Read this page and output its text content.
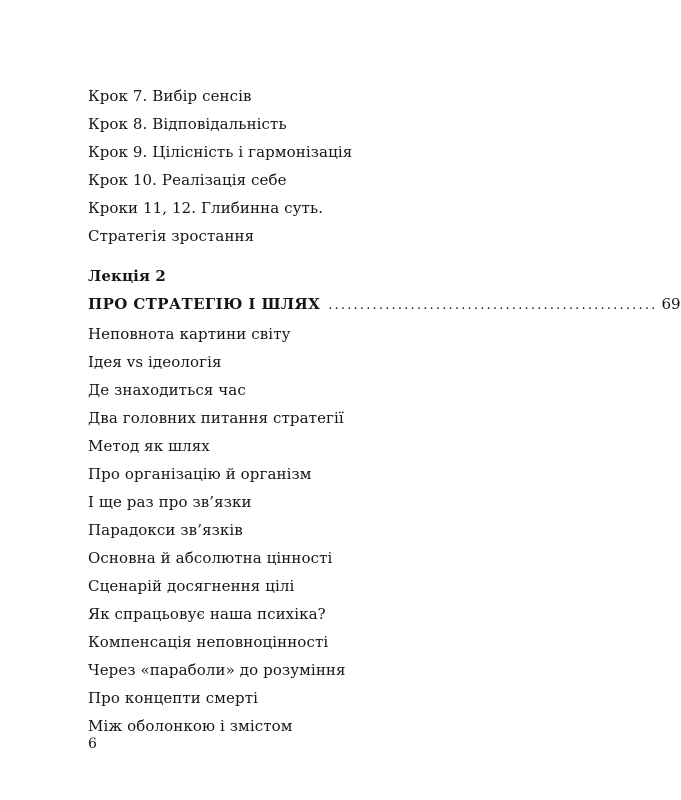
Крок 7. Вибір сенсів
Крок 8. Відповідальність
Крок 9. Цілісність і гармонізація
Крок 10. Реалізація себе
Кроки 11, 12. Глибинна суть.
Стратегія зростання
Лекція 2
ПРО СТРАТЕГІЮ І ШЛЯХ .................................................... 69
Неповнота картини світу
Ідея vs ідеологія
Де знаходиться час
Два головних питання стратегії
Метод як шлях
Про організацію й організм
І ще раз про зв’язки
Парадокси зв’язків
Основна й абсолютна цінності
Сценарій досягнення цілі
Як спрацьовує наша психіка?
Компенсація неповноцінності
Через «параболи» до розуміння
Про концепти смерті
Між оболонкою і змістом
6
